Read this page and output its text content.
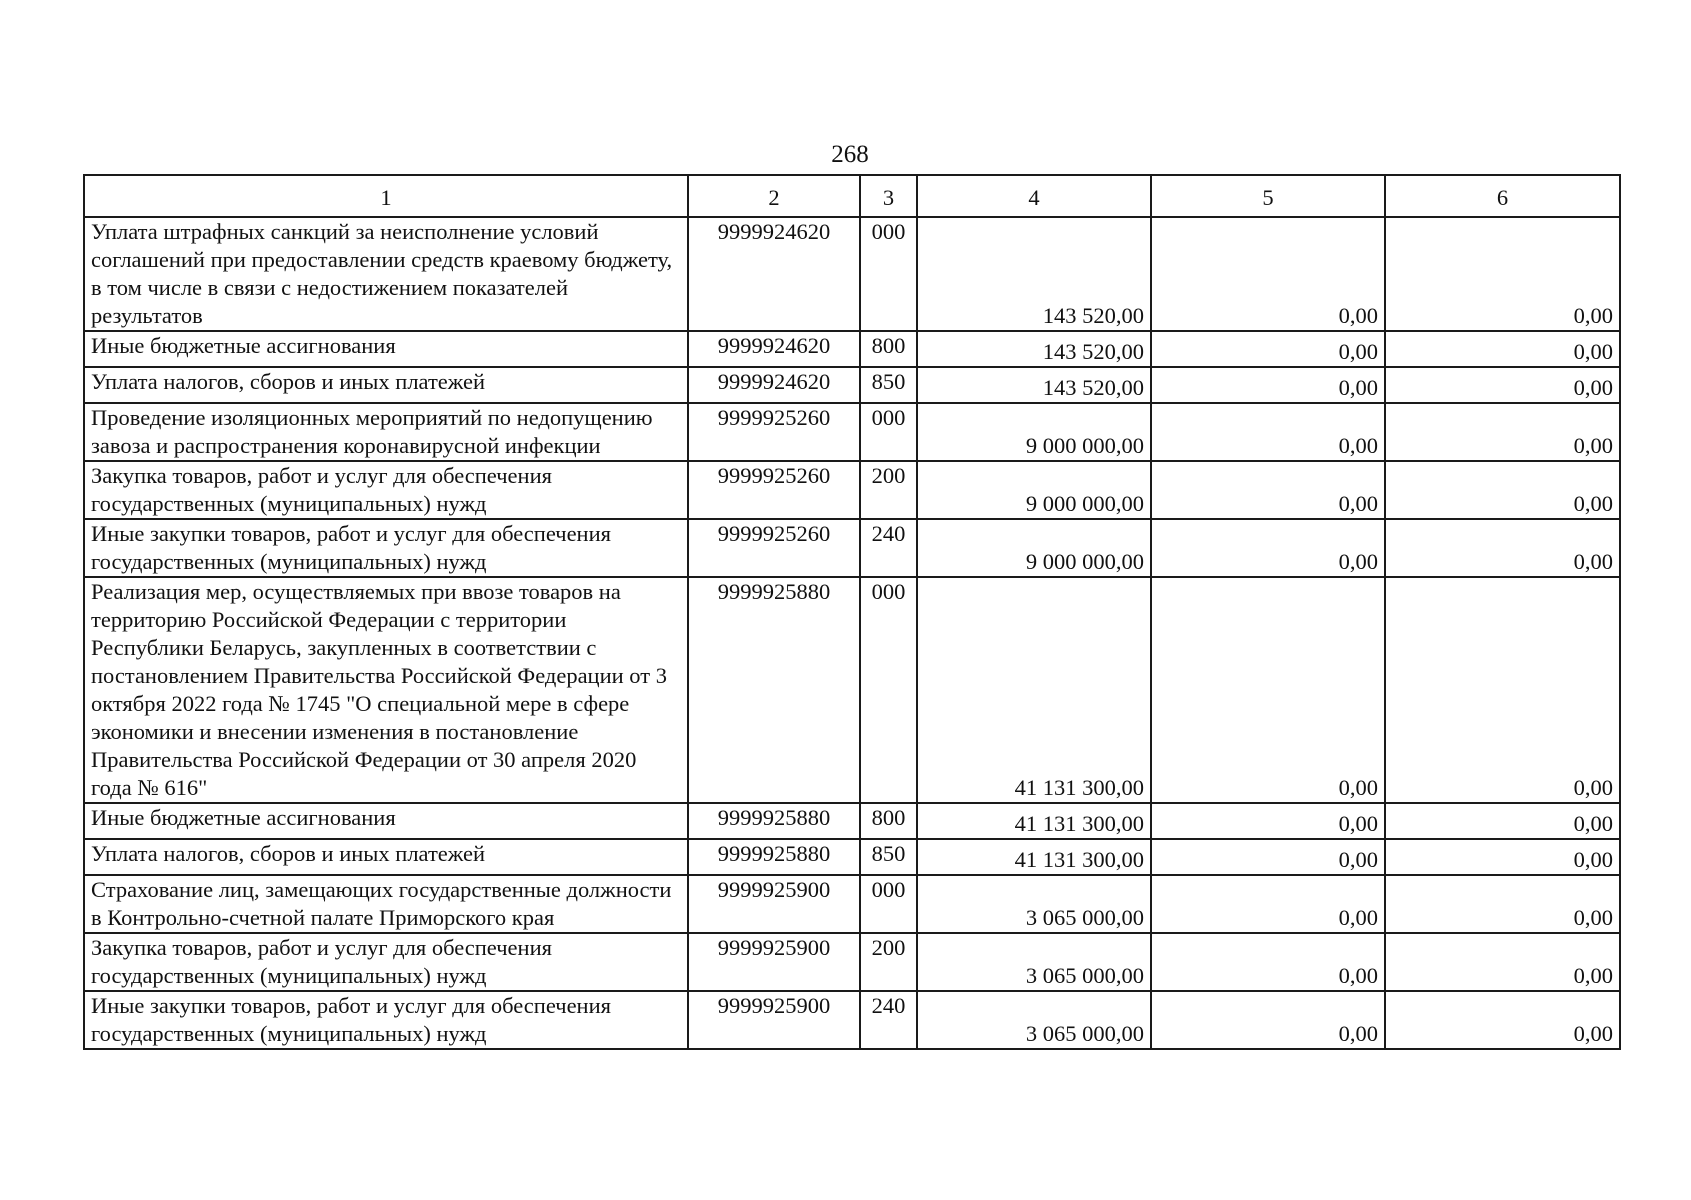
268
1	2	3	4	5	6
Уплата штрафных санкций за неисполнение условий соглашений при предоставлении средств краевому бюджету, в том числе в связи с недостижением показателей результатов	9999924620	000	143 520,00	0,00	0,00
Иные бюджетные ассигнования	9999924620	800	143 520,00	0,00	0,00
Уплата налогов, сборов и иных платежей	9999924620	850	143 520,00	0,00	0,00
Проведение изоляционных мероприятий по недопущению завоза и распространения коронавирусной инфекции	9999925260	000	9 000 000,00	0,00	0,00
Закупка товаров, работ и услуг для обеспечения государственных (муниципальных) нужд	9999925260	200	9 000 000,00	0,00	0,00
Иные закупки товаров, работ и услуг для обеспечения государственных (муниципальных) нужд	9999925260	240	9 000 000,00	0,00	0,00
Реализация мер, осуществляемых при ввозе товаров на территорию Российской Федерации с территории Республики Беларусь, закупленных в соответствии с постановлением Правительства Российской Федерации от 3 октября 2022 года № 1745 "О специальной мере в сфере экономики и внесении изменения в постановление Правительства Российской Федерации от 30 апреля 2020 года № 616"	9999925880	000	41 131 300,00	0,00	0,00
Иные бюджетные ассигнования	9999925880	800	41 131 300,00	0,00	0,00
Уплата налогов, сборов и иных платежей	9999925880	850	41 131 300,00	0,00	0,00
Страхование лиц, замещающих государственные должности в Контрольно-счетной палате Приморского края	9999925900	000	3 065 000,00	0,00	0,00
Закупка товаров, работ и услуг для обеспечения государственных (муниципальных) нужд	9999925900	200	3 065 000,00	0,00	0,00
Иные закупки товаров, работ и услуг для обеспечения государственных (муниципальных) нужд	9999925900	240	3 065 000,00	0,00	0,00
